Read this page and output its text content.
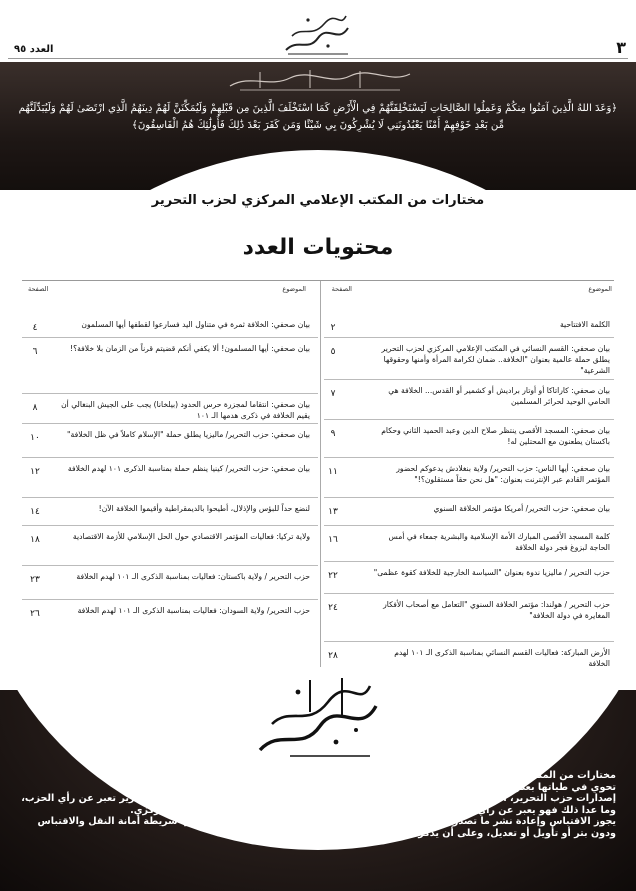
٣
العدد ٩٥
﴿وَعَدَ اللهُ الَّذِينَ آمَنُوا مِنكُمْ وَعَمِلُوا الصَّالِحَاتِ لَيَسْتَخْلِفَنَّهُمْ فِي الْأَرْضِ كَمَا اسْتَخْلَفَ الَّذِينَ مِن قَبْلِهِمْ وَلَيُمَكِّنَنَّ لَهُمْ دِينَهُمُ الَّذِي ارْتَضَىٰ لَهُمْ وَلَيُبَدِّلَنَّهُم مِّن بَعْدِ خَوْفِهِمْ أَمْنًا يَعْبُدُونَنِي لَا يُشْرِكُونَ بِي شَيْئًا وَمَن كَفَرَ بَعْدَ ذَٰلِكَ فَأُولَٰئِكَ هُمُ الْفَاسِقُونَ﴾
مختارات من المكتب الإعلامي المركزي لحزب التحرير
محتويات العدد
الموضوع
الصفحة
الموضوع
الصفحة
الكلمة الافتتاحية
٢
بيان صحفي: القسم النسائي في المكتب الإعلامي المركزي لحزب التحرير يطلق حملة عالمية بعنوان "الخلافة.. ضمان لكرامة المرأة وأمنها وحقوقها الشرعية"
٥
بيان صحفي: كاراتاكا أو أوتار براديش أو كشمير أو القدس... الخلافة هي الحامي الوحيد لحرائر المسلمين
٧
بيان صحفي: المسجد الأقصى ينتظر صلاح الدين وعبد الحميد الثاني وحكام باكستان يطعنون مع المحتلين له!
٩
بيان صحفي: أيها الناس: حزب التحرير/ ولاية بنغلادش يدعوكم لحضور المؤتمر القادم عبر الإنترنت بعنوان: "هل نحن حقاً مستقلون؟!"
١١
بيان صحفي: حزب التحرير/ أمريكا مؤتمر الخلافة السنوي
١٣
كلمة المسجد الأقصى المبارك الأمة الإسلامية والبشرية جمعاء في أمس الحاجة لبزوغ فجر دولة الخلافة
١٦
حزب التحرير / ماليزيا ندوة بعنوان "السياسة الخارجية للخلافة كقوة عظمى"
٢٢
حزب التحرير / هولندا: مؤتمر الخلافة السنوي "التعامل مع أصحاب الأفكار المغايرة في دولة الخلافة"
٢٤
الأرض المباركة: فعاليات القسم النسائي بمناسبة الذكرى الـ ١٠١ لهدم الخلافة
٢٨
بيان صحفي: الخلافة ثمرة في متناول اليد فسارعوا لقطفها أيها المسلمون
٤
بيان صحفي: أيها المسلمون! ألا يكفي أنكم قضيتم قرناً من الزمان بلا خلافة؟!
٦
بيان صحفي: انتقاما لمجزرة حرس الحدود (بيلخانا) يجب على الجيش البنغالي أن يقيم الخلافة في ذكرى هدمها الـ ١٠١
٨
بيان صحفي: حزب التحرير/ ماليزيا يطلق حملة "الإسلام كاملاً في ظل الخلافة"
١٠
بيان صحفي: حزب التحرير/ كينيا ينظم حملة بمناسبة الذكرى ١٠١ لهدم الخلافة
١٢
لنضع حداً للبؤس والإذلال، أطيحوا بالديمقراطية وأقيموا الخلافة الآن!
١٤
ولاية تركيا: فعاليات المؤتمر الاقتصادي حول الحل الإسلامي للأزمة الاقتصادية
١٨
حزب التحرير / ولاية باكستان: فعاليات بمناسبة الذكرى الـ ١٠١ لهدم الخلافة
٢٣
حزب التحرير/ ولاية السودان: فعاليات بمناسبة الذكرى الـ ١٠١ لهدم الخلافة
٢٦

مختارات من المكتب الإعلامي المركزي لحزب التحرير

تحوي في طياتها بعض ما تم نشره على موقع المكتب الإعلامي المركزي لحزب التحرير وإذاعته.

إصدارات حزب التحرير، الولايات، المكاتب الإعلامية، الناطقين الرسميين والممثلين الإعلاميين لحزب التحرير تعبر عن رأي الحزب، وما عدا ذلك فهو يعبر عن رأي كاتبه وإن نشر في مواقع حزب التحرير أو مجلة المكتب الإعلامي المركزي.

يجوز الاقتباس وإعادة نشر ما تصدره المجلة أو موقع المكتب الإعلامي المركزي لحزب التحرير، شريطة أمانة النقل والاقتباس ودون بتر أو تأويل أو تعديل، وعلى أن يذكر مصدر ما نقل أو نشر.
